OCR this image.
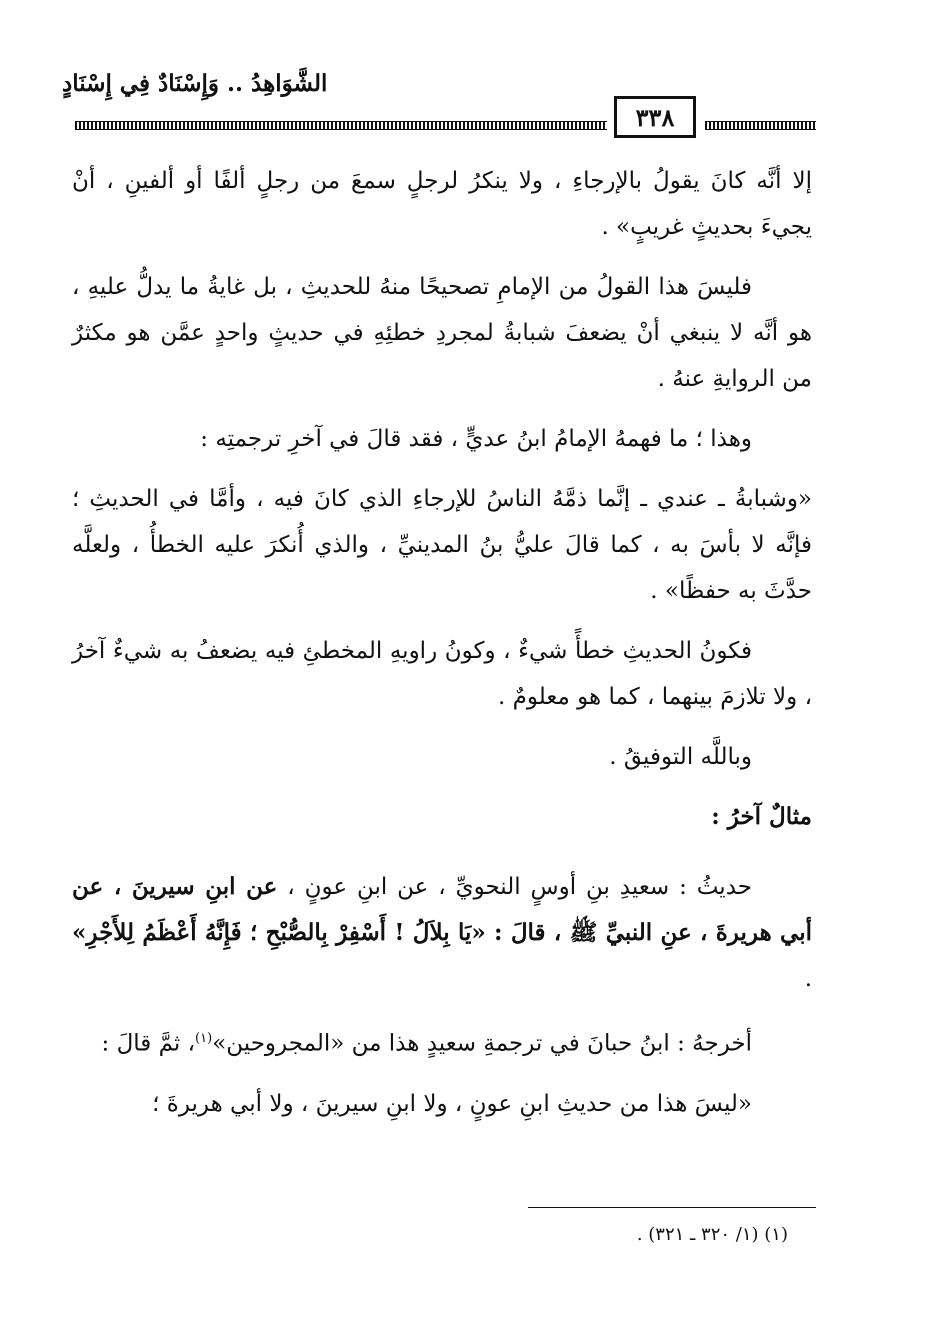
الشَّوَاهِدُ .. وَإِسْنَادٌ فِي إِسْنَادٍ
٣٣٨

إلا أنَّه كانَ يقولُ بالإرجاءِ ، ولا ينكرُ لرجلٍ سمعَ من رجلٍ ألفًا أو ألفينِ ، أنْ يجيءَ بحديثٍ غريبٍ» .

فليسَ هذا القولُ من الإمامِ تصحيحًا منهُ للحديثِ ، بل غايةُ ما يدلُّ عليهِ ، هو أنَّه لا ينبغي أنْ يضعفَ شبابةُ لمجردِ خطئِهِ في حديثٍ واحدٍ عمَّن هو مكثرٌ من الروايةِ عنهُ .

وهذا ؛ ما فهمهُ الإمامُ ابنُ عديٍّ ، فقد قالَ في آخرِ ترجمتِه :

«وشبابةُ ـ عندي ـ إنَّما ذمَّهُ الناسُ للإرجاءِ الذي كانَ فيه ، وأمَّا في الحديثِ ؛ فإنَّه لا بأسَ به ، كما قالَ عليُّ بنُ المدينيِّ ، والذي أُنكرَ عليه الخطأُ ، ولعلَّه حدَّثَ به حفظًا» .

فكونُ الحديثِ خطأً شيءٌ ، وكونُ راويهِ المخطئِ فيه يضعفُ به شيءٌ آخرُ ، ولا تلازمَ بينهما ، كما هو معلومٌ .

وباللَّه التوفيقُ .

مثالٌ آخرُ :

حديثُ : سعيدِ بنِ أوسٍ النحويِّ ، عن ابنِ عونٍ ، عن ابنِ سيرينَ ، عن أبي هريرةَ ، عنِ النبيِّ ﷺ ، قالَ : «يَا بِلاَلُ ! أَسْفِرْ بِالصُّبْحِ ؛ فَإِنَّهُ أَعْظَمُ لِلأَجْرِ» .

أخرجهُ : ابنُ حبانَ في ترجمةِ سعيدٍ هذا من «المجروحين»$^{(١)}$، ثمَّ قالَ :

«ليسَ هذا من حديثِ ابنِ عونٍ ، ولا ابنِ سيرينَ ، ولا أبي هريرةَ ؛

(١) (١/ ٣٢٠ ـ ٣٢١) .
